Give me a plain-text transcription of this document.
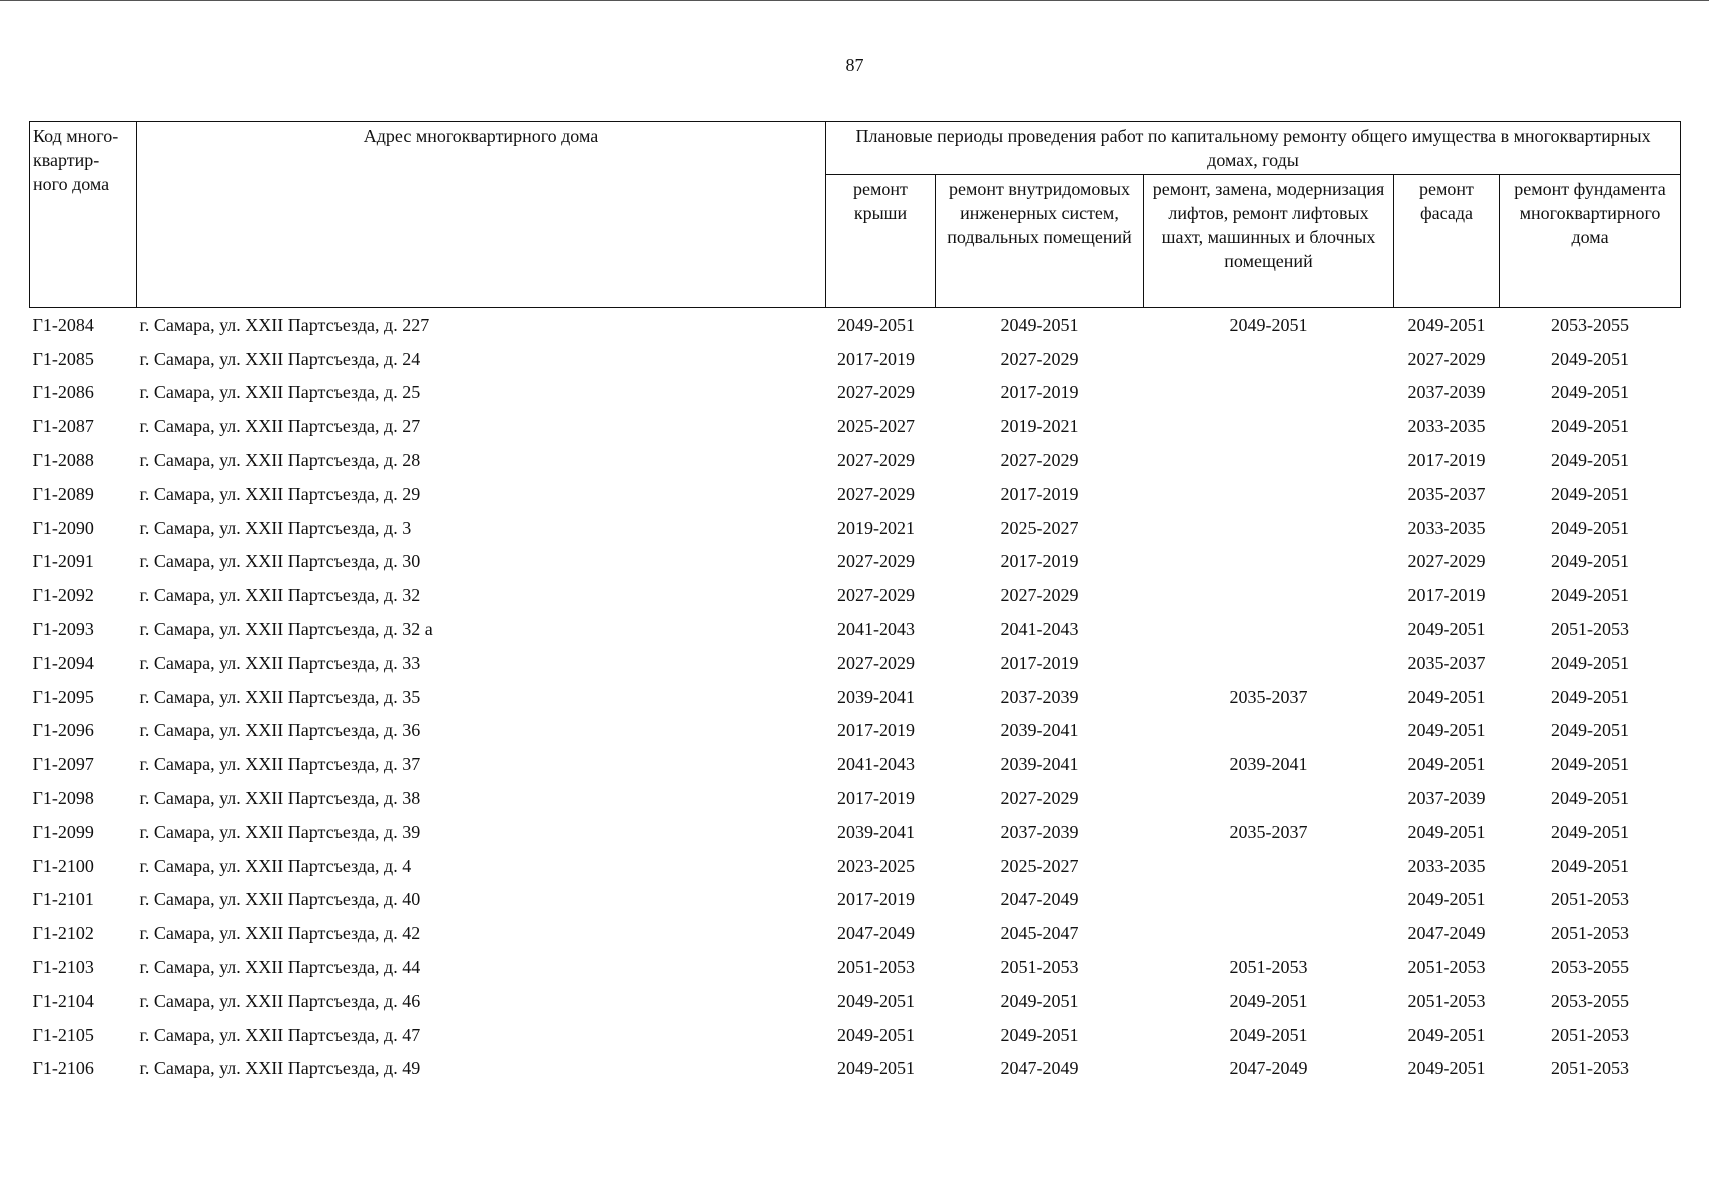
87
Код много-квартир-ного дома	Адрес многоквартирного дома	Плановые периоды проведения работ по капитальному ремонту общего имущества в многоквартирных домах, годы				
		ремонт крыши	ремонт внутридомовых инженерных систем, подвальных помещений	ремонт, замена, модернизация лифтов, ремонт лифтовых шахт, машинных и блочных помещений	ремонт фасада	ремонт фундамента многоквартирного дома
Г1-2084	г. Самара, ул. XXII Партсъезда, д. 227	2049-2051	2049-2051	2049-2051	2049-2051	2053-2055
Г1-2085	г. Самара, ул. XXII Партсъезда, д. 24	2017-2019	2027-2029		2027-2029	2049-2051
Г1-2086	г. Самара, ул. XXII Партсъезда, д. 25	2027-2029	2017-2019		2037-2039	2049-2051
Г1-2087	г. Самара, ул. XXII Партсъезда, д. 27	2025-2027	2019-2021		2033-2035	2049-2051
Г1-2088	г. Самара, ул. XXII Партсъезда, д. 28	2027-2029	2027-2029		2017-2019	2049-2051
Г1-2089	г. Самара, ул. XXII Партсъезда, д. 29	2027-2029	2017-2019		2035-2037	2049-2051
Г1-2090	г. Самара, ул. XXII Партсъезда, д. 3	2019-2021	2025-2027		2033-2035	2049-2051
Г1-2091	г. Самара, ул. XXII Партсъезда, д. 30	2027-2029	2017-2019		2027-2029	2049-2051
Г1-2092	г. Самара, ул. XXII Партсъезда, д. 32	2027-2029	2027-2029		2017-2019	2049-2051
Г1-2093	г. Самара, ул. XXII Партсъезда, д. 32 а	2041-2043	2041-2043		2049-2051	2051-2053
Г1-2094	г. Самара, ул. XXII Партсъезда, д. 33	2027-2029	2017-2019		2035-2037	2049-2051
Г1-2095	г. Самара, ул. XXII Партсъезда, д. 35	2039-2041	2037-2039	2035-2037	2049-2051	2049-2051
Г1-2096	г. Самара, ул. XXII Партсъезда, д. 36	2017-2019	2039-2041		2049-2051	2049-2051
Г1-2097	г. Самара, ул. XXII Партсъезда, д. 37	2041-2043	2039-2041	2039-2041	2049-2051	2049-2051
Г1-2098	г. Самара, ул. XXII Партсъезда, д. 38	2017-2019	2027-2029		2037-2039	2049-2051
Г1-2099	г. Самара, ул. XXII Партсъезда, д. 39	2039-2041	2037-2039	2035-2037	2049-2051	2049-2051
Г1-2100	г. Самара, ул. XXII Партсъезда, д. 4	2023-2025	2025-2027		2033-2035	2049-2051
Г1-2101	г. Самара, ул. XXII Партсъезда, д. 40	2017-2019	2047-2049		2049-2051	2051-2053
Г1-2102	г. Самара, ул. XXII Партсъезда, д. 42	2047-2049	2045-2047		2047-2049	2051-2053
Г1-2103	г. Самара, ул. XXII Партсъезда, д. 44	2051-2053	2051-2053	2051-2053	2051-2053	2053-2055
Г1-2104	г. Самара, ул. XXII Партсъезда, д. 46	2049-2051	2049-2051	2049-2051	2051-2053	2053-2055
Г1-2105	г. Самара, ул. XXII Партсъезда, д. 47	2049-2051	2049-2051	2049-2051	2049-2051	2051-2053
Г1-2106	г. Самара, ул. XXII Партсъезда, д. 49	2049-2051	2047-2049	2047-2049	2049-2051	2051-2053
